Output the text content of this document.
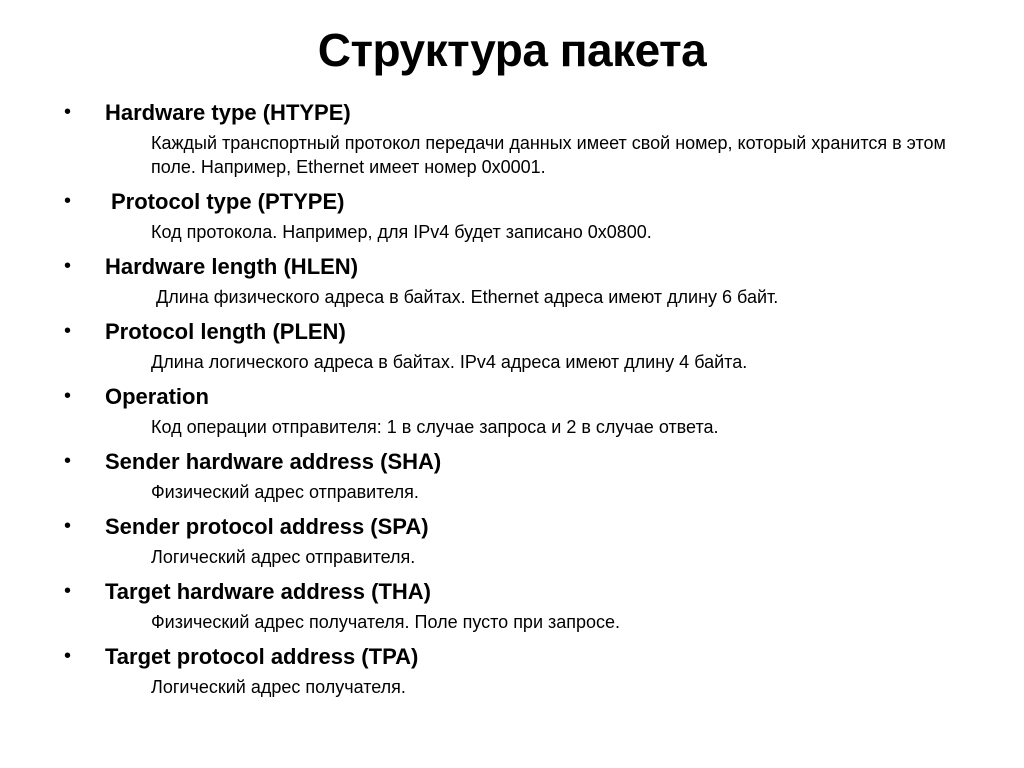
Структура пакета
• Hardware type (HTYPE)
Каждый транспортный протокол передачи данных имеет свой номер, который хранится в этом поле. Например, Ethernet имеет номер 0x0001.
• Protocol type (PTYPE)
Код протокола. Например, для IPv4 будет записано 0x0800.
• Hardware length (HLEN)
Длина физического адреса в байтах. Ethernet адреса имеют длину 6 байт.
• Protocol length (PLEN)
Длина логического адреса в байтах. IPv4 адреса имеют длину 4 байта.
• Operation
Код операции отправителя: 1 в случае запроса и 2 в случае ответа.
• Sender hardware address (SHA)
Физический адрес отправителя.
• Sender protocol address (SPA)
Логический адрес отправителя.
• Target hardware address (THA)
Физический адрес получателя. Поле пусто при запросе.
• Target protocol address (TPA)
Логический адрес получателя.
